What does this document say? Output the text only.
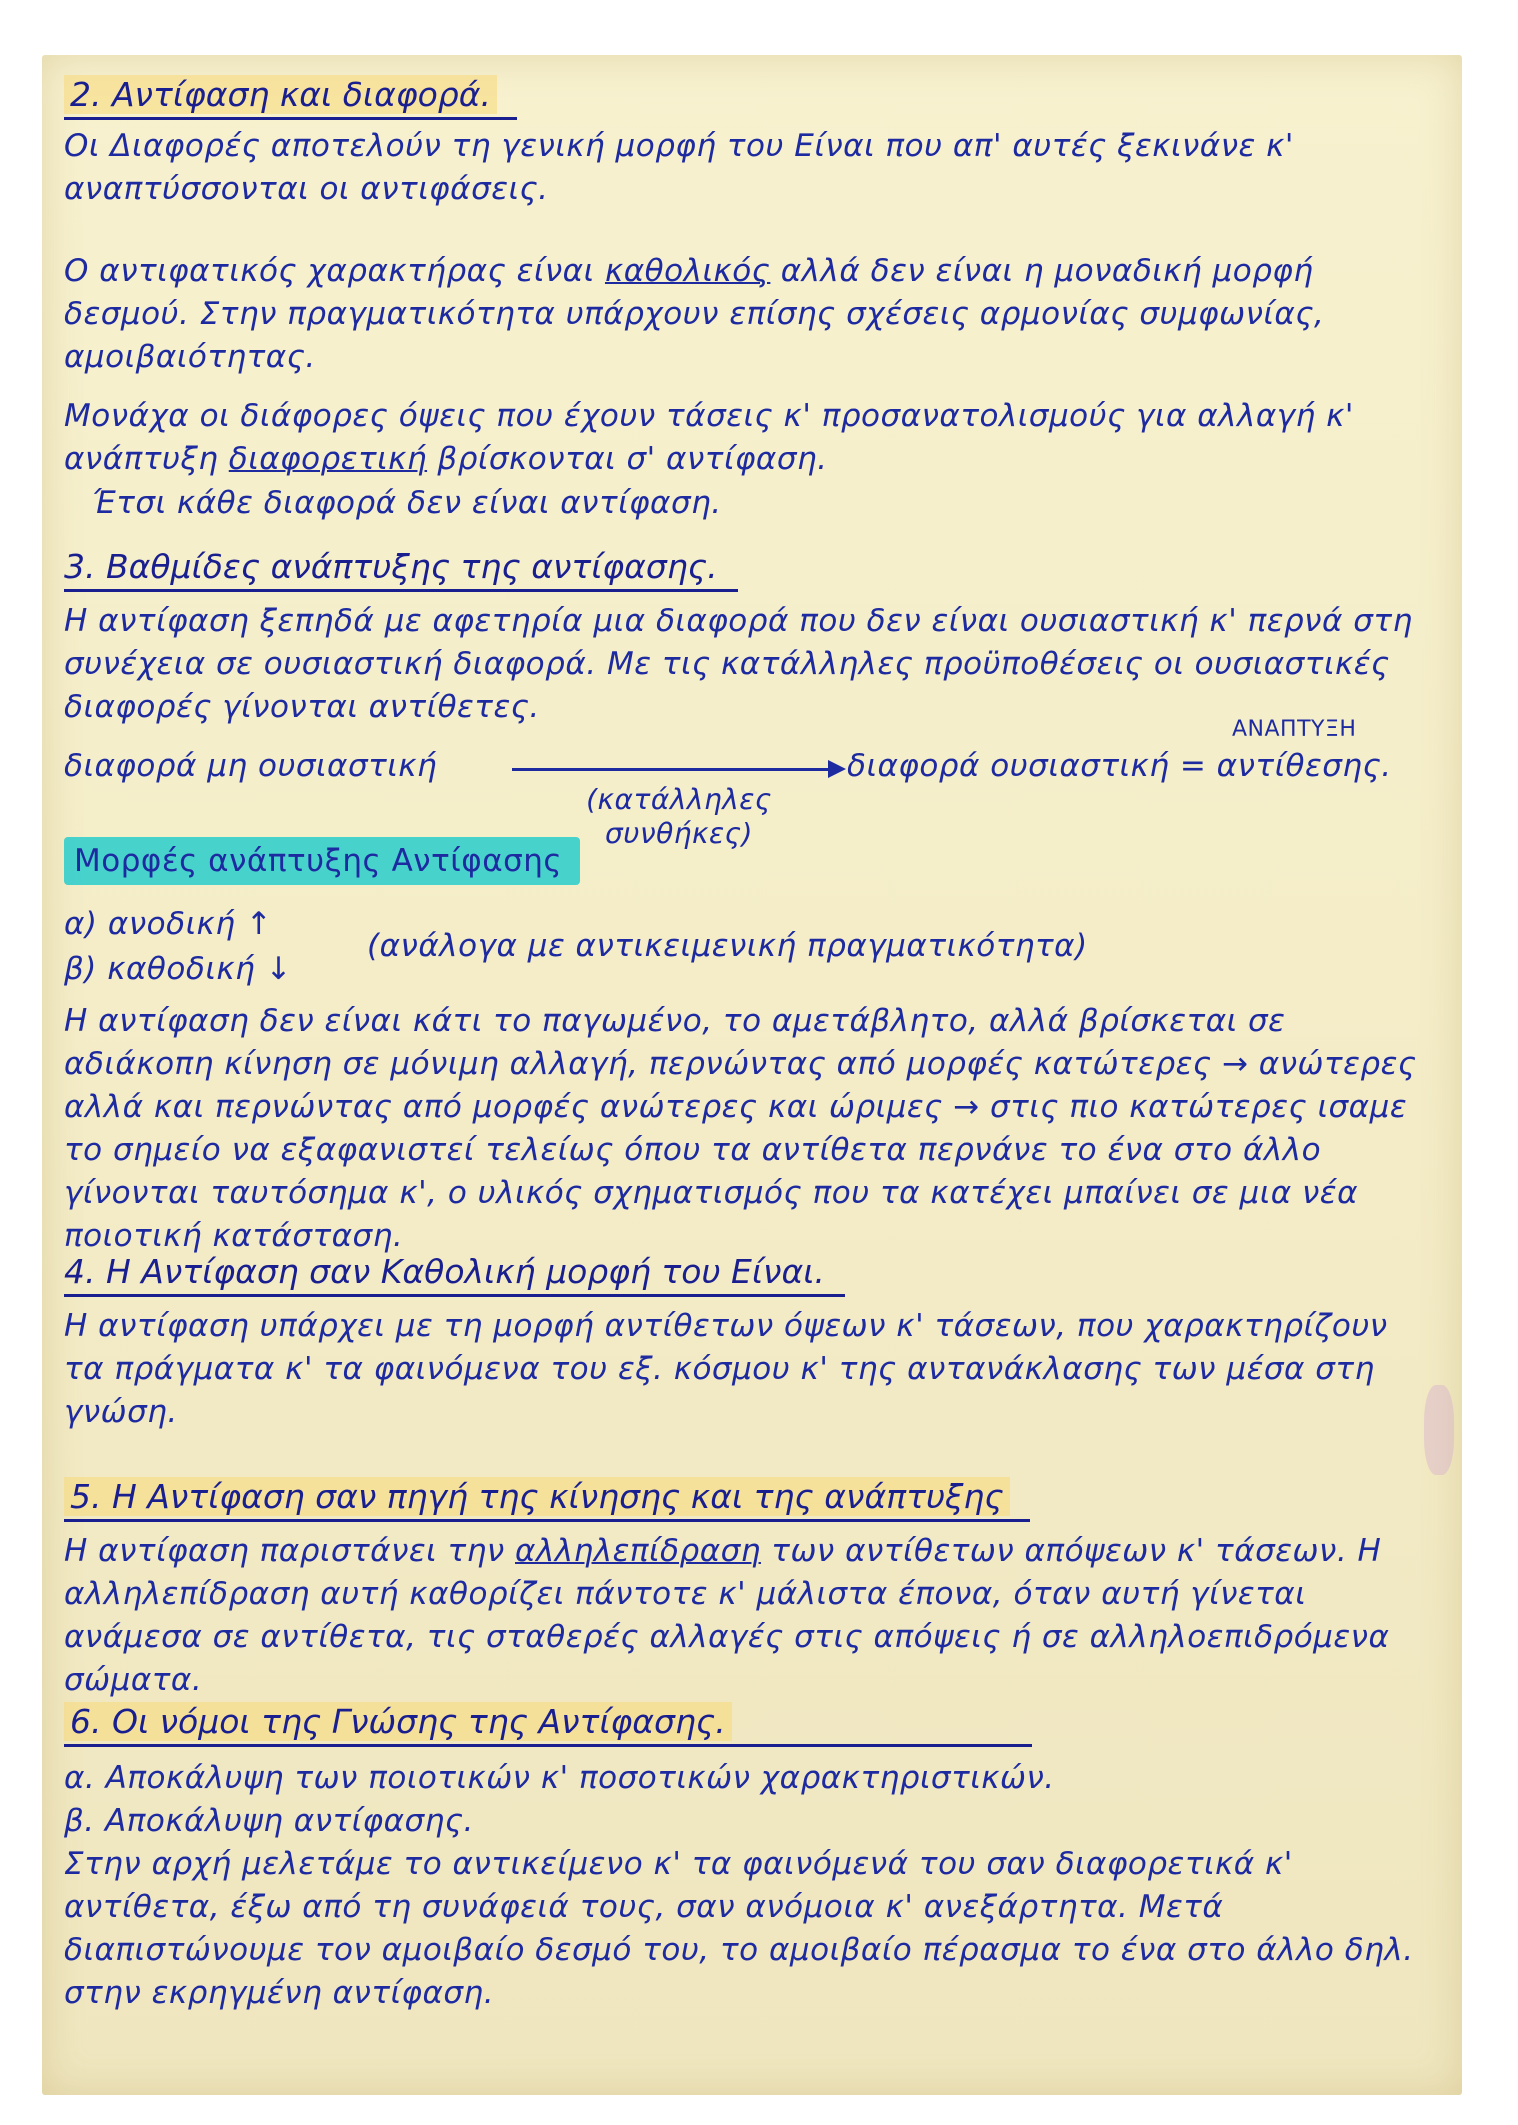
2. Αντίφαση και διαφορά.

Οι Διαφορές αποτελούν τη γενική μορφή του Είναι που απ' αυτές ξεκινάνε κ' αναπτύσσονται οι αντιφάσεις.

Ο αντιφατικός χαρακτήρας είναι καθολικός αλλά δεν είναι η μοναδική μορφή δεσμού. Στην πραγματικότητα υπάρχουν επίσης σχέσεις αρμονίας συμφωνίας, αμοιβαιότητας.

Μονάχα οι διάφορες όψεις που έχουν τάσεις κ' προσανατολισμούς για αλλαγή κ' ανάπτυξη διαφορετική βρίσκονται σ' αντίφαση.

Έτσι κάθε διαφορά δεν είναι αντίφαση.

3. Βαθμίδες ανάπτυξης της αντίφασης.

Η αντίφαση ξεπηδά με αφετηρία μια διαφορά που δεν είναι ουσιαστική κ' περνά στη συνέχεια σε ουσιαστική διαφορά. Με τις κατάλληλες προϋποθέσεις οι ουσιαστικές διαφορές γίνονται αντίθετες.

ΑΝΑΠΤΥΞΗ
διαφορά μη ουσιαστική	διαφορά ουσιαστική = αντίθεσης.
(κατάλληλες συνθήκες)
Μορφές ανάπτυξης Αντίφασης
α) ανοδική ↑
β) καθοδική ↓
(ανάλογα με αντικειμενική πραγματικότητα)

Η αντίφαση δεν είναι κάτι το παγωμένο, το αμετάβλητο, αλλά βρίσκεται σε αδιάκοπη κίνηση σε μόνιμη αλλαγή, περνώντας από μορφές κατώτερες → ανώτερες αλλά και περνώντας από μορφές ανώτερες και ώριμες → στις πιο κατώτερες ισαμε το σημείο να εξαφανιστεί τελείως όπου τα αντίθετα περνάνε το ένα στο άλλο γίνονται ταυτόσημα κ', ο υλικός σχηματισμός που τα κατέχει μπαίνει σε μια νέα ποιοτική κατάσταση.

4. Η Αντίφαση σαν Καθολική μορφή του Είναι.

Η αντίφαση υπάρχει με τη μορφή αντίθετων όψεων κ' τάσεων, που χαρακτηρίζουν τα πράγματα κ' τα φαινόμενα του εξ. κόσμου κ' της αντανάκλασης των μέσα στη γνώση.

5. Η Αντίφαση σαν πηγή της κίνησης και της ανάπτυξης

Η αντίφαση παριστάνει την αλληλεπίδραση των αντίθετων απόψεων κ' τάσεων. Η αλληλεπίδραση αυτή καθορίζει πάντοτε κ' μάλιστα έπονα, όταν αυτή γίνεται ανάμεσα σε αντίθετα, τις σταθερές αλλαγές στις απόψεις ή σε αλληλοεπιδρόμενα σώματα.

6. Οι νόμοι της Γνώσης της Αντίφασης.
α. Αποκάλυψη των ποιοτικών κ' ποσοτικών χαρακτηριστικών.
β. Αποκάλυψη αντίφασης.

Στην αρχή μελετάμε το αντικείμενο κ' τα φαινόμενά του σαν διαφορετικά κ' αντίθετα, έξω από τη συνάφειά τους, σαν ανόμοια κ' ανεξάρτητα. Μετά διαπιστώνουμε τον αμοιβαίο δεσμό του, το αμοιβαίο πέρασμα το ένα στο άλλο δηλ. στην εκρηγμένη αντίφαση.
